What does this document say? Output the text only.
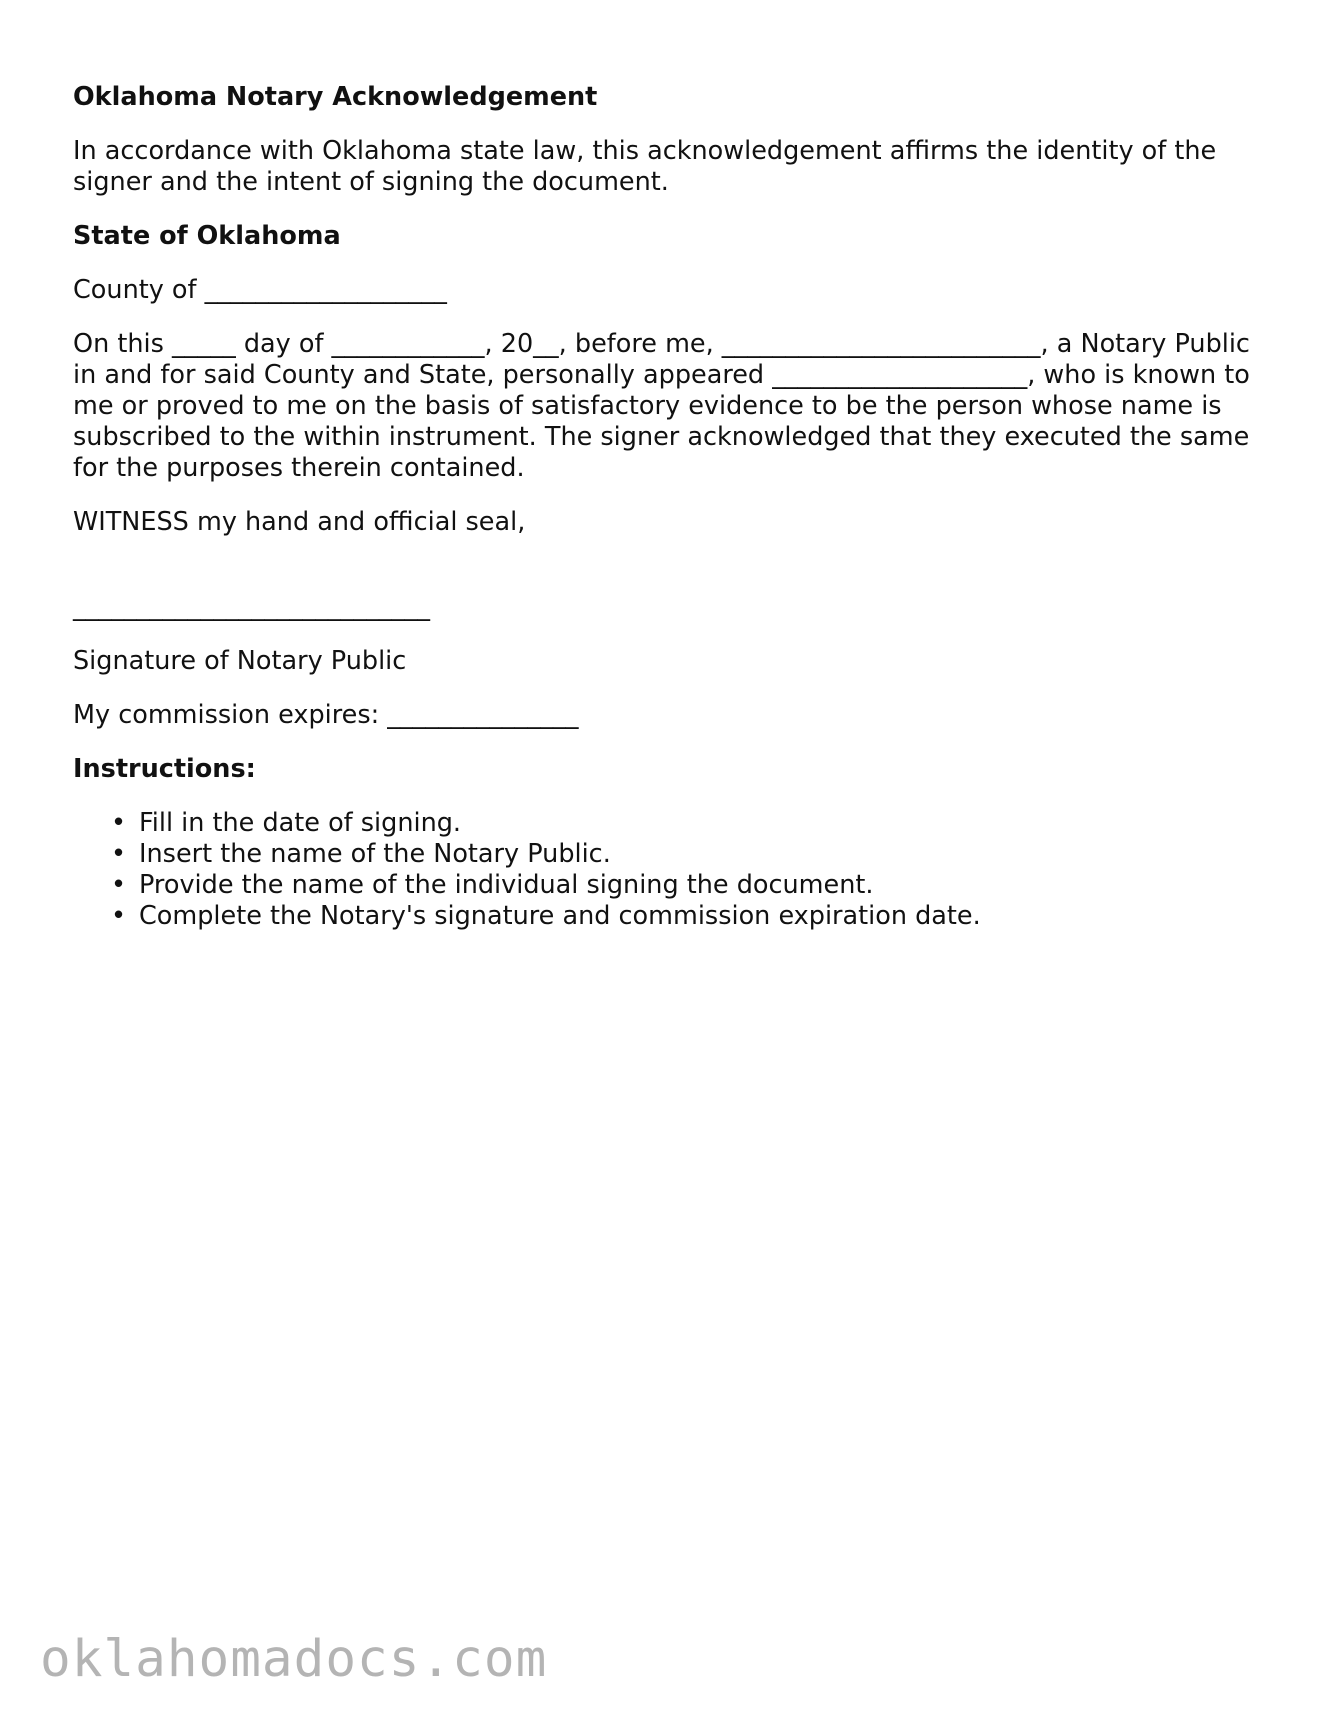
Oklahoma Notary Acknowledgement

In accordance with Oklahoma state law, this acknowledgement affirms the identity of the signer and the intent of signing the document.

State of Oklahoma

County of ___________________

On this _____ day of ____________, 20__, before me, _________________________, a Notary Public in and for said County and State, personally appeared ____________________, who is known to me or proved to me on the basis of satisfactory evidence to be the person whose name is subscribed to the within instrument. The signer acknowledged that they executed the same for the purposes therein contained.

WITNESS my hand and official seal,

____________________________

Signature of Notary Public

My commission expires: _______________

Instructions:
• Fill in the date of signing.
• Insert the name of the Notary Public.
• Provide the name of the individual signing the document.
• Complete the Notary's signature and commission expiration date.
oklahomadocs.com
